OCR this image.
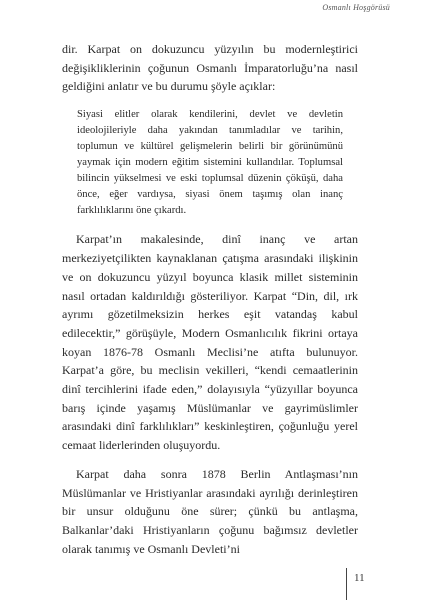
Osmanlı Hoşgörüsü

dir. Karpat on dokuzuncu yüzyılın bu modernleştirici değişikliklerinin çoğunun Osmanlı İmparatorluğu’na nasıl geldiğini anlatır ve bu durumu şöyle açıklar:

Siyasi elitler olarak kendilerini, devlet ve devletin ideolojileriyle daha yakından tanımladılar ve tarihin, toplumun ve kültürel gelişmelerin belirli bir görünümünü yaymak için modern eğitim sistemini kullandılar. Toplumsal bilincin yükselmesi ve eski toplumsal düzenin çöküşü, daha önce, eğer vardıysa, siyasi önem taşımış olan inanç farklılıklarını öne çıkardı.

Karpat’ın makalesinde, dinî inanç ve artan merkeziyetçilikten kaynaklanan çatışma arasındaki ilişkinin ve on dokuzuncu yüzyıl boyunca klasik millet sisteminin nasıl ortadan kaldırıldığı gösteriliyor. Karpat “Din, dil, ırk ayrımı gözetilmeksizin herkes eşit vatandaş kabul edilecektir,” görüşüyle, Modern Osmanlıcılık fikrini ortaya koyan 1876-78 Osmanlı Meclisi’ne atıfta bulunuyor. Karpat’a göre, bu meclisin vekilleri, “kendi cemaatlerinin dinî tercihlerini ifade eden,” dolayısıyla “yüzyıllar boyunca barış içinde yaşamış Müslümanlar ve gayrimüslimler arasındaki dinî farklılıkları” keskinleştiren, çoğunluğu yerel cemaat liderlerinden oluşuyordu.

Karpat daha sonra 1878 Berlin Antlaşması’nın Müslümanlar ve Hristiyanlar arasındaki ayrılığı derinleştiren bir unsur olduğunu öne sürer; çünkü bu antlaşma, Balkanlar’daki Hristiyanların çoğunu bağımsız devletler olarak tanımış ve Osmanlı Devleti’ni

11
